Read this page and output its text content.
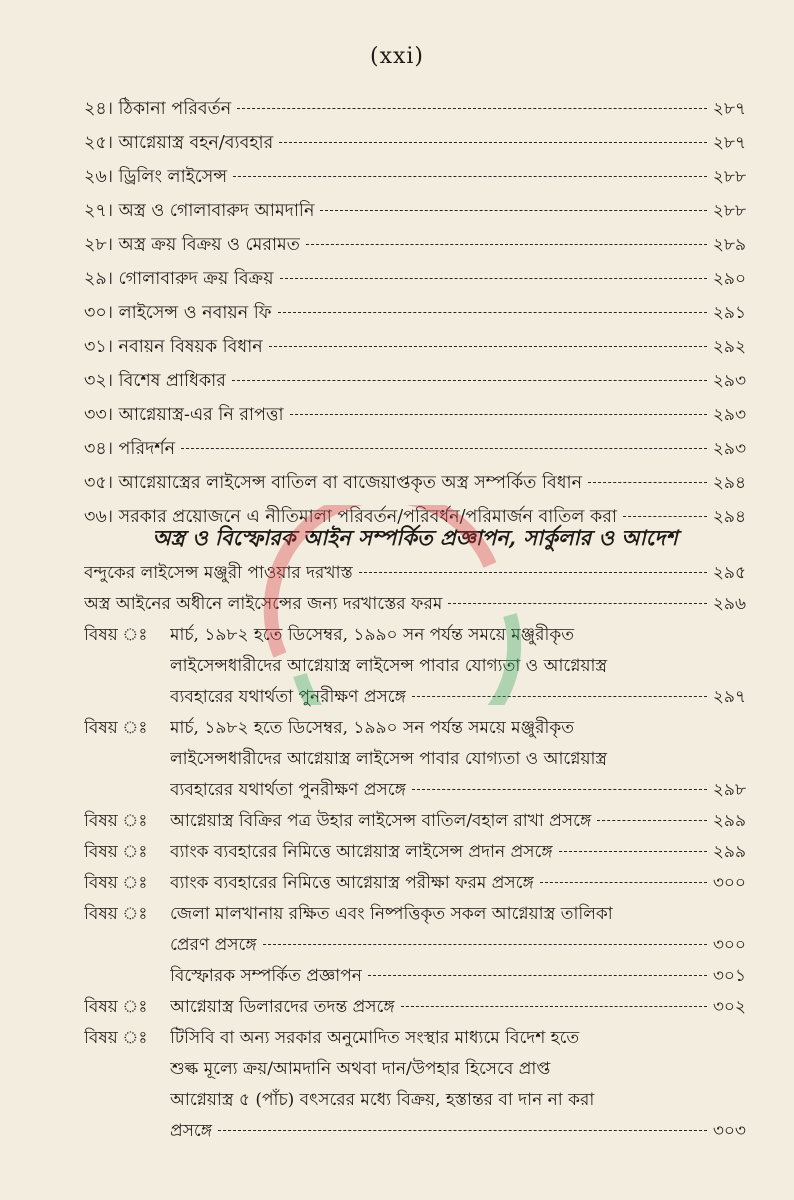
(xxi)
২৪। ঠিকানা পরিবর্তন	২৮৭
২৫। আগ্নেয়াস্ত্র বহন/ব্যবহার	২৮৭
২৬। ড্রিলিং লাইসেন্স	২৮৮
২৭। অস্ত্র ও গোলাবারুদ আমদানি	২৮৮
২৮। অস্ত্র ক্রয় বিক্রয় ও মেরামত	২৮৯
২৯। গোলাবারুদ ক্রয় বিক্রয়	২৯০
৩০। লাইসেন্স ও নবায়ন ফি	২৯১
৩১। নবায়ন বিষয়ক বিধান	২৯২
৩২। বিশেষ প্রাধিকার	২৯৩
৩৩। আগ্নেয়াস্ত্র-এর নি রাপত্তা	২৯৩
৩৪। পরিদর্শন	২৯৩
৩৫। আগ্নেয়াস্ত্রের লাইসেন্স বাতিল বা বাজেয়াপ্তকৃত অস্ত্র সম্পর্কিত বিধান	২৯৪
৩৬। সরকার প্রয়োজনে এ নীতিমালা পরিবর্তন/পরিবর্ধন/পরিমার্জন বাতিল করা	২৯৪
অস্ত্র ও বিস্ফোরক আইন সম্পর্কিত প্রজ্ঞাপন, সার্কুলার ও আদেশ
বন্দুকের লাইসেন্স মঞ্জুরী পাওয়ার দরখাস্ত	২৯৫
অস্ত্র আইনের অধীনে লাইসেন্সের জন্য দরখাস্তের ফরম	২৯৬
বিষয় ঃ	মার্চ, ১৯৮২ হতে ডিসেম্বর, ১৯৯০ সন পর্যন্ত সময়ে মঞ্জুরীকৃত
লাইসেন্সধারীদের আগ্নেয়াস্ত্র লাইসেন্স পাবার যোগ্যতা ও আগ্নেয়াস্ত্র
ব্যবহারের যথার্থতা পুনরীক্ষণ প্রসঙ্গে	২৯৭
বিষয় ঃ	মার্চ, ১৯৮২ হতে ডিসেম্বর, ১৯৯০ সন পর্যন্ত সময়ে মঞ্জুরীকৃত
লাইসেন্সধারীদের আগ্নেয়াস্ত্র লাইসেন্স পাবার যোগ্যতা ও আগ্নেয়াস্ত্র
ব্যবহারের যথার্থতা পুনরীক্ষণ প্রসঙ্গে	২৯৮
বিষয় ঃ	আগ্নেয়াস্ত্র বিক্রির পত্র উহার লাইসেন্স বাতিল/বহাল রাখা প্রসঙ্গে	২৯৯
বিষয় ঃ	ব্যাংক ব্যবহারের নিমিত্তে আগ্নেয়াস্ত্র লাইসেন্স প্রদান প্রসঙ্গে	২৯৯
বিষয় ঃ	ব্যাংক ব্যবহারের নিমিত্তে আগ্নেয়াস্ত্র পরীক্ষা ফরম প্রসঙ্গে	৩০০
বিষয় ঃ	জেলা মালখানায় রক্ষিত এবং নিষ্পত্তিকৃত সকল আগ্নেয়াস্ত্র তালিকা
প্রেরণ প্রসঙ্গে	৩০০
বিস্ফোরক সম্পর্কিত প্রজ্ঞাপন	৩০১
বিষয় ঃ	আগ্নেয়াস্ত্র ডিলারদের তদন্ত প্রসঙ্গে	৩০২
বিষয় ঃ	টিসিবি বা অন্য সরকার অনুমোদিত সংস্থার মাধ্যমে বিদেশ হতে
শুল্ক মূল্যে ক্রয়/আমদানি অথবা দান/উপহার হিসেবে প্রাপ্ত
আগ্নেয়াস্ত্র ৫ (পাঁচ) বৎসরের মধ্যে বিক্রয়, হস্তান্তর বা দান না করা
প্রসঙ্গে	৩০৩
